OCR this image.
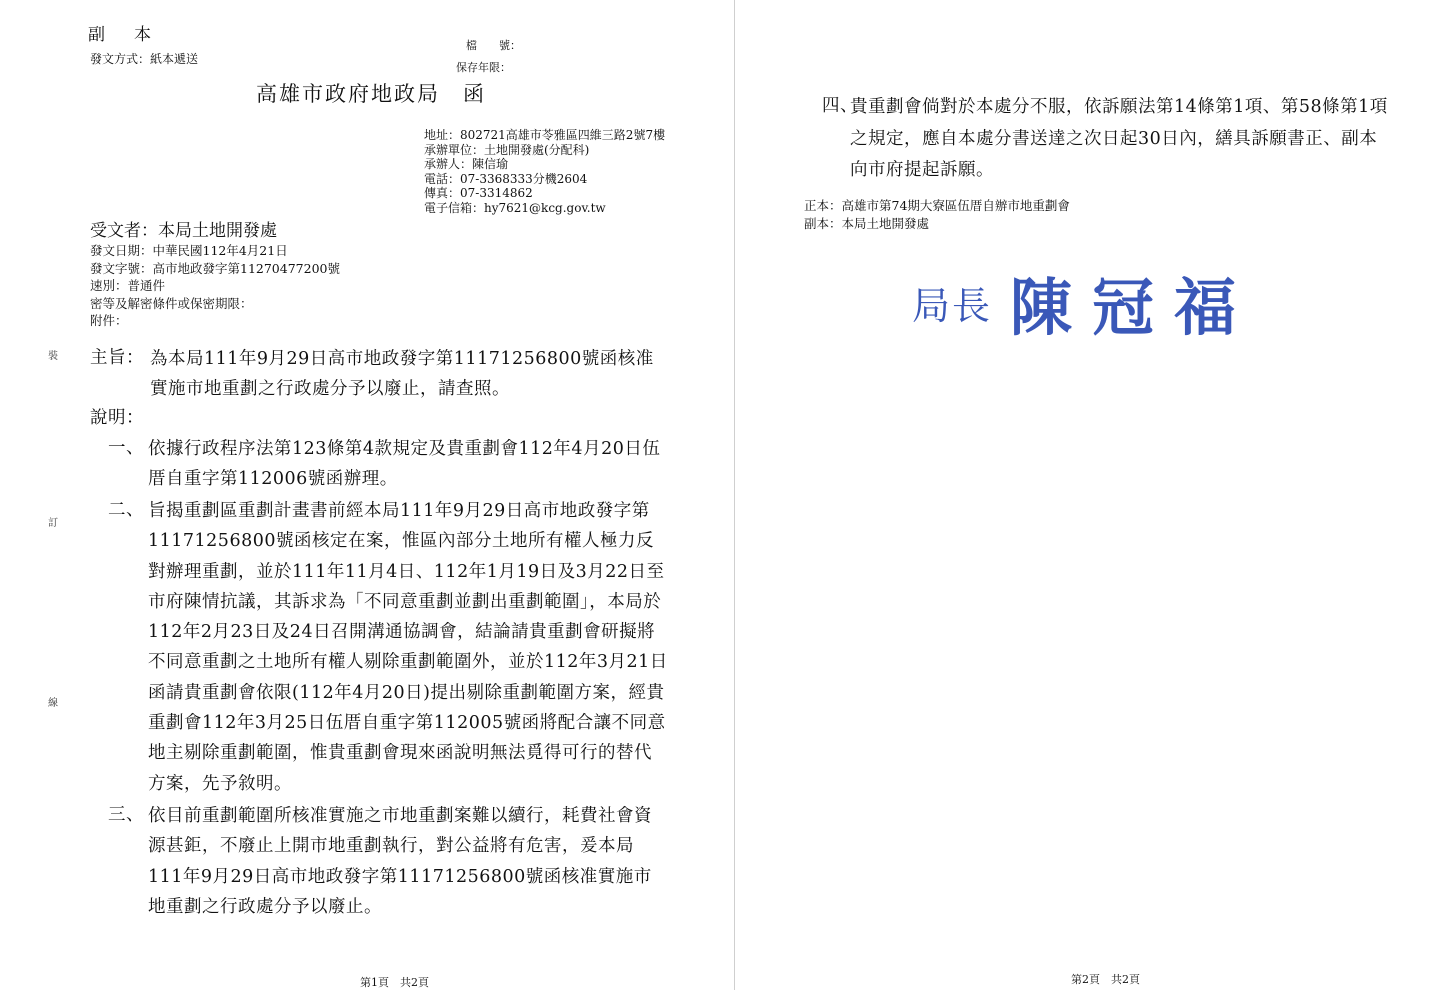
副　本
發文方式：紙本遞送
檔　　號：
保存年限：
高雄市政府地政局　函
地址：802721高雄市苓雅區四維三路2號7樓
承辦單位：土地開發處(分配科)
承辦人：陳信瑜
電話：07-3368333分機2604
傳真：07-3314862
電子信箱：hy7621@kcg.gov.tw
受文者：本局土地開發處
發文日期：中華民國112年4月21日
發文字號：高市地政發字第11270477200號
速別：普通件
密等及解密條件或保密期限：
附件：
裝
訂
線
主旨： 為本局111年9月29日高市地政發字第11171256800號函核准實施市地重劃之行政處分予以廢止，請查照。
說明：
一、 依據行政程序法第123條第4款規定及貴重劃會112年4月20日伍厝自重字第112006號函辦理。
二、 旨揭重劃區重劃計畫書前經本局111年9月29日高市地政發字第11171256800號函核定在案，惟區內部分土地所有權人極力反對辦理重劃，並於111年11月4日、112年1月19日及3月22日至市府陳情抗議，其訴求為「不同意重劃並劃出重劃範圍」，本局於112年2月23日及24日召開溝通協調會，結論請貴重劃會研擬將不同意重劃之土地所有權人剔除重劃範圍外，並於112年3月21日函請貴重劃會依限(112年4月20日)提出剔除重劃範圍方案，經貴重劃會112年3月25日伍厝自重字第112005號函將配合讓不同意地主剔除重劃範圍，惟貴重劃會現來函說明無法覓得可行的替代方案，先予敘明。
三、 依目前重劃範圍所核准實施之市地重劃案難以續行，耗費社會資源甚鉅，不廢止上開市地重劃執行，對公益將有危害，爰本局111年9月29日高市地政發字第11171256800號函核准實施市地重劃之行政處分予以廢止。
第1頁　共2頁
四、
貴重劃會倘對於本處分不服，依訴願法第14條第1項、第58條第1項之規定，應自本處分書送達之次日起30日內，繕具訴願書正、副本向市府提起訴願。
正本：高雄市第74期大寮區伍厝自辦市地重劃會
副本：本局土地開發處
局長 陳冠福
第2頁　共2頁
